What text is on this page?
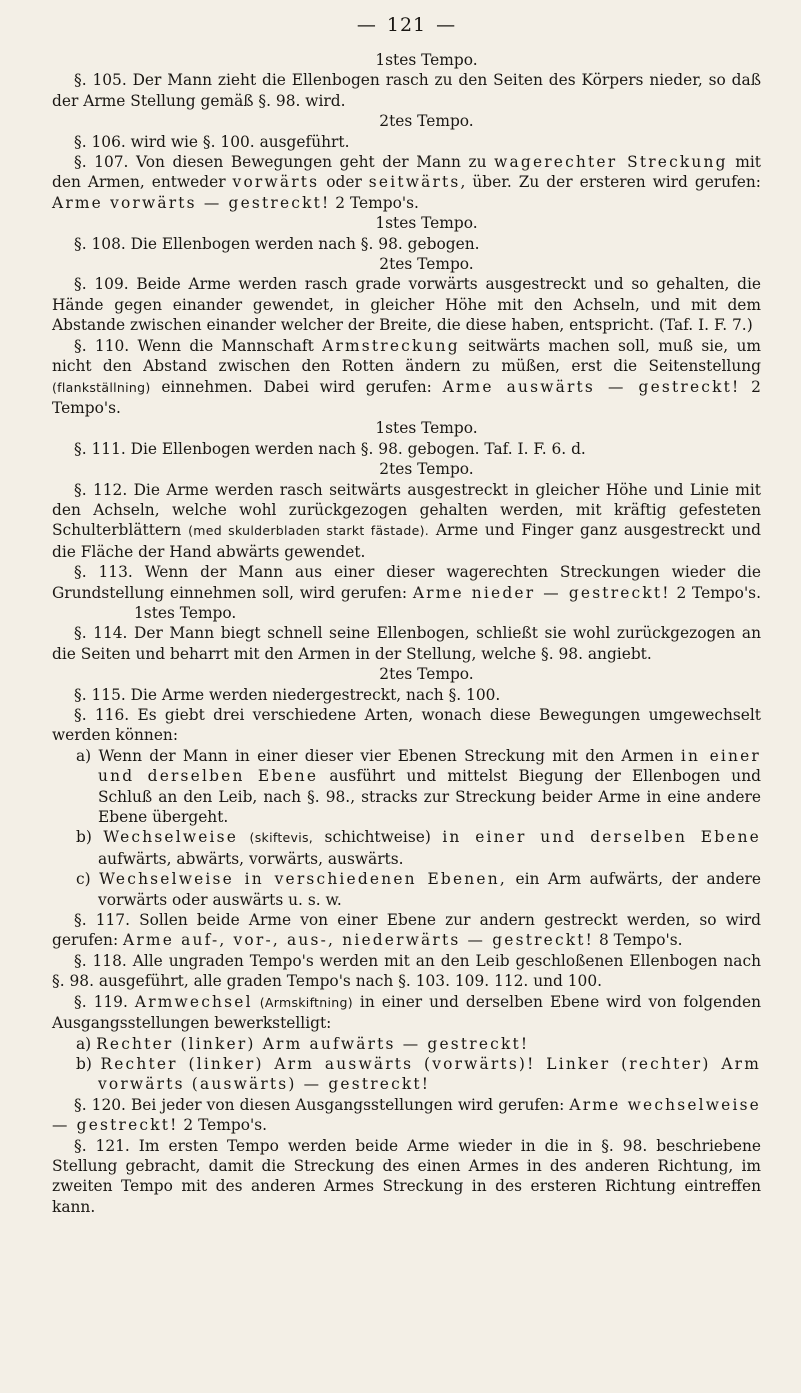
— 121 —

1stes Tempo.

§. 105. Der Mann zieht die Ellenbogen rasch zu den Seiten des Körpers nieder, so daß der Arme Stellung gemäß §. 98. wird.

2tes Tempo.

§. 106. wird wie §. 100. ausgeführt.

§. 107. Von diesen Bewegungen geht der Mann zu wagerechter Streckung mit den Armen, entweder vorwärts oder seitwärts, über. Zu der ersteren wird gerufen: Arme vorwärts — gestreckt! 2 Tempo's.

1stes Tempo.

§. 108. Die Ellenbogen werden nach §. 98. gebogen.

2tes Tempo.

§. 109. Beide Arme werden rasch grade vorwärts ausgestreckt und so gehalten, die Hände gegen einander gewendet, in gleicher Höhe mit den Achseln, und mit dem Abstande zwischen einander welcher der Breite, die diese haben, entspricht. (Taf. I. F. 7.)

§. 110. Wenn die Mannschaft Armstreckung seitwärts machen soll, muß sie, um nicht den Abstand zwischen den Rotten ändern zu müßen, erst die Seitenstellung (flankställning) einnehmen. Dabei wird gerufen: Arme auswärts — gestreckt! 2 Tempo's.

1stes Tempo.

§. 111. Die Ellenbogen werden nach §. 98. gebogen. Taf. I. F. 6. d.

2tes Tempo.

§. 112. Die Arme werden rasch seitwärts ausgestreckt in gleicher Höhe und Linie mit den Achseln, welche wohl zurückgezogen gehalten werden, mit kräftig gefesteten Schulterblättern (med skulderbladen starkt fästade). Arme und Finger ganz ausgestreckt und die Fläche der Hand abwärts gewendet.

§. 113. Wenn der Mann aus einer dieser wagerechten Streckungen wieder die Grundstellung einnehmen soll, wird gerufen: Arme nieder — gestreckt! 2 Tempo's. 1stes Tempo.

§. 114. Der Mann biegt schnell seine Ellenbogen, schließt sie wohl zurückgezogen an die Seiten und beharrt mit den Armen in der Stellung, welche §. 98. angiebt.

2tes Tempo.

§. 115. Die Arme werden niedergestreckt, nach §. 100.

§. 116. Es giebt drei verschiedene Arten, wonach diese Bewegungen umgewechselt werden können:

a) Wenn der Mann in einer dieser vier Ebenen Streckung mit den Armen in einer und derselben Ebene ausführt und mittelst Biegung der Ellenbogen und Schluß an den Leib, nach §. 98., stracks zur Streckung beider Arme in eine andere Ebene übergeht.

b) Wechselweise (skiftevis, schichtweise) in einer und derselben Ebene aufwärts, abwärts, vorwärts, auswärts.

c) Wechselweise in verschiedenen Ebenen, ein Arm aufwärts, der andere vorwärts oder auswärts u. s. w.

§. 117. Sollen beide Arme von einer Ebene zur andern gestreckt werden, so wird gerufen: Arme auf-, vor-, aus-, niederwärts — gestreckt! 8 Tempo's.

§. 118. Alle ungraden Tempo's werden mit an den Leib geschloßenen Ellenbogen nach §. 98. ausgeführt, alle graden Tempo's nach §. 103. 109. 112. und 100.

§. 119. Armwechsel (Armskiftning) in einer und derselben Ebene wird von folgenden Ausgangsstellungen bewerkstelligt:

a) Rechter (linker) Arm aufwärts — gestreckt!

b) Rechter (linker) Arm auswärts (vorwärts)! Linker (rechter) Arm vorwärts (auswärts) — gestreckt!

§. 120. Bei jeder von diesen Ausgangsstellungen wird gerufen: Arme wechselweise — gestreckt! 2 Tempo's.

§. 121. Im ersten Tempo werden beide Arme wieder in die in §. 98. beschriebene Stellung gebracht, damit die Streckung des einen Armes in des anderen Richtung, im zweiten Tempo mit des anderen Armes Streckung in des ersteren Richtung eintreffen kann.
